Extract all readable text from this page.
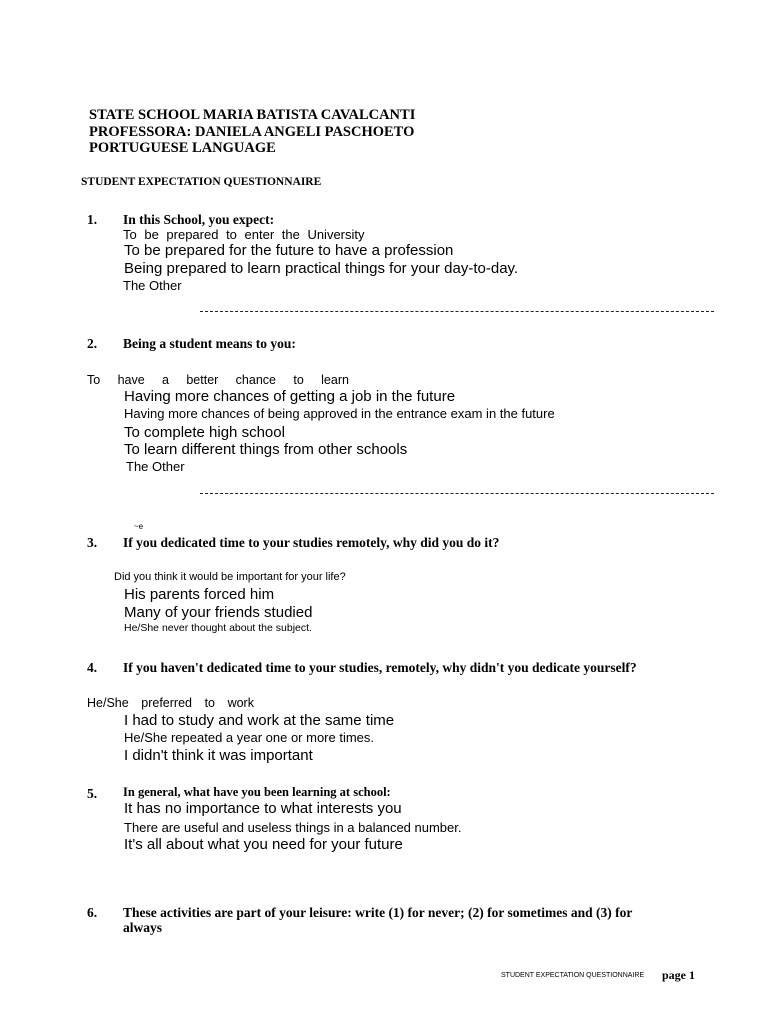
STATE SCHOOL MARIA BATISTA CAVALCANTI
PROFESSORA: DANIELA ANGELI PASCHOETO
PORTUGUESE LANGUAGE
STUDENT EXPECTATION QUESTIONNAIRE
1. In this School, you expect:
To be prepared to enter the University
To be prepared for the future to have a profession
Being prepared to learn practical things for your day-to-day.
The Other
2. Being a student means to you:
To have a better chance to learn
Having more chances of getting a job in the future
Having more chances of being approved in the entrance exam in the future
To complete high school
To learn different things from other schools
The Other
~e
3. If you dedicated time to your studies remotely, why did you do it?
Did you think it would be important for your life?
His parents forced him
Many of your friends studied
He/She never thought about the subject.
4. If you haven't dedicated time to your studies, remotely, why didn't you dedicate yourself?
He/She preferred to work
I had to study and work at the same time
He/She repeated a year one or more times.
I didn't think it was important
5. In general, what have you been learning at school:
It has no importance to what interests you
There are useful and useless things in a balanced number.
It's all about what you need for your future
6. These activities are part of your leisure: write (1) for never; (2) for sometimes and (3) for
always
STUDENT EXPECTATION QUESTIONNAIRE page 1
